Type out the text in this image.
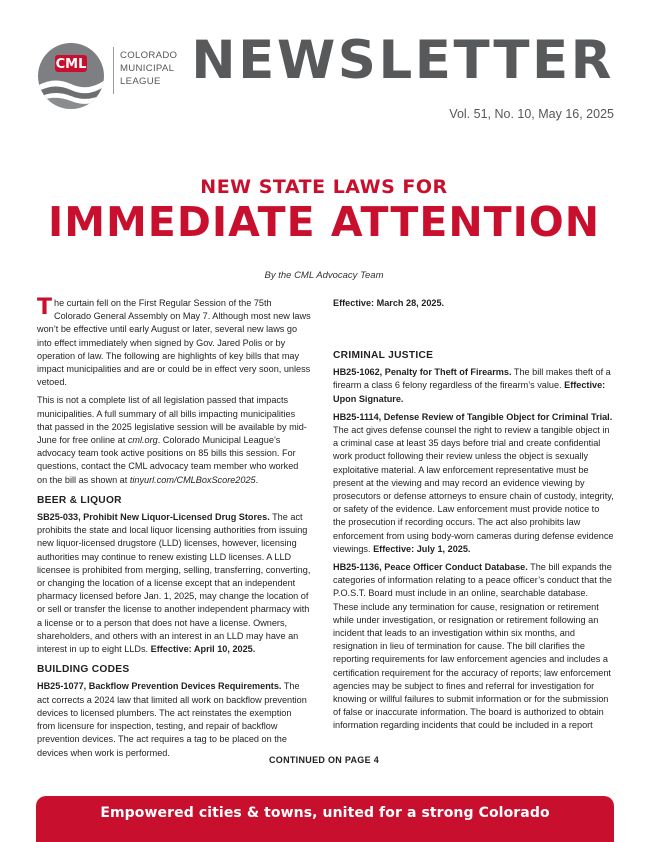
CML
COLORADO
MUNICIPAL
LEAGUE NEWSLETTER
Vol. 51, No. 10, May 16, 2025
NEW STATE LAWS FOR
IMMEDIATE ATTENTION
By the CML Advocacy Team

The curtain fell on the First Regular Session of the 75th Colorado General Assembly on May 7. Although most new laws won’t be effective until early August or later, several new laws go into effect immediately when signed by Gov. Jared Polis or by operation of law. The following are highlights of key bills that may impact municipalities and are or could be in effect very soon, unless vetoed.

This is not a complete list of all legislation passed that impacts municipalities. A full summary of all bills impacting municipalities that passed in the 2025 legislative session will be available by mid-June for free online at cml.org. Colorado Municipal League’s advocacy team took active positions on 85 bills this session. For questions, contact the CML advocacy team member who worked on the bill as shown at tinyurl.com/CMLBoxScore2025.

BEER & LIQUOR

SB25-033, Prohibit New Liquor-Licensed Drug Stores. The act prohibits the state and local liquor licensing authorities from issuing new liquor-licensed drugstore (LLD) licenses, however, licensing authorities may continue to renew existing LLD licenses. A LLD licensee is prohibited from merging, selling, transferring, converting, or changing the location of a license except that an independent pharmacy licensed before Jan. 1, 2025, may change the location of or sell or transfer the license to another independent pharmacy with a license or to a person that does not have a license. Owners, shareholders, and others with an interest in an LLD may have an interest in up to eight LLDs. Effective: April 10, 2025.

BUILDING CODES

HB25-1077, Backflow Prevention Devices Requirements. The act corrects a 2024 law that limited all work on backflow prevention devices to licensed plumbers. The act reinstates the exemption from licensure for inspection, testing, and repair of backflow prevention devices. The act requires a tag to be placed on the devices when work is performed.

Effective: March 28, 2025.

CRIMINAL JUSTICE

HB25-1062, Penalty for Theft of Firearms. The bill makes theft of a firearm a class 6 felony regardless of the firearm’s value. Effective: Upon Signature.

HB25-1114, Defense Review of Tangible Object for Criminal Trial. The act gives defense counsel the right to review a tangible object in a criminal case at least 35 days before trial and create confidential work product following their review unless the object is sexually exploitative material. A law enforcement representative must be present at the viewing and may record an evidence viewing by prosecutors or defense attorneys to ensure chain of custody, integrity, or safety of the evidence. Law enforcement must provide notice to the prosecution if recording occurs. The act also prohibits law enforcement from using body-worn cameras during defense evidence viewings. Effective: July 1, 2025.

HB25-1136, Peace Officer Conduct Database. The bill expands the categories of information relating to a peace officer’s conduct that the P.O.S.T. Board must include in an online, searchable database. These include any termination for cause, resignation or retirement while under investigation, or resignation or retirement following an incident that leads to an investigation within six months, and resignation in lieu of termination for cause. The bill clarifies the reporting requirements for law enforcement agencies and includes a certification requirement for the accuracy of reports; law enforcement agencies may be subject to fines and referral for investigation for knowing or willful failures to submit information or for the submission of false or inaccurate information. The board is authorized to obtain information regarding incidents that could be included in a report

CONTINUED ON PAGE 4
Empowered cities & towns, united for a strong Colorado
